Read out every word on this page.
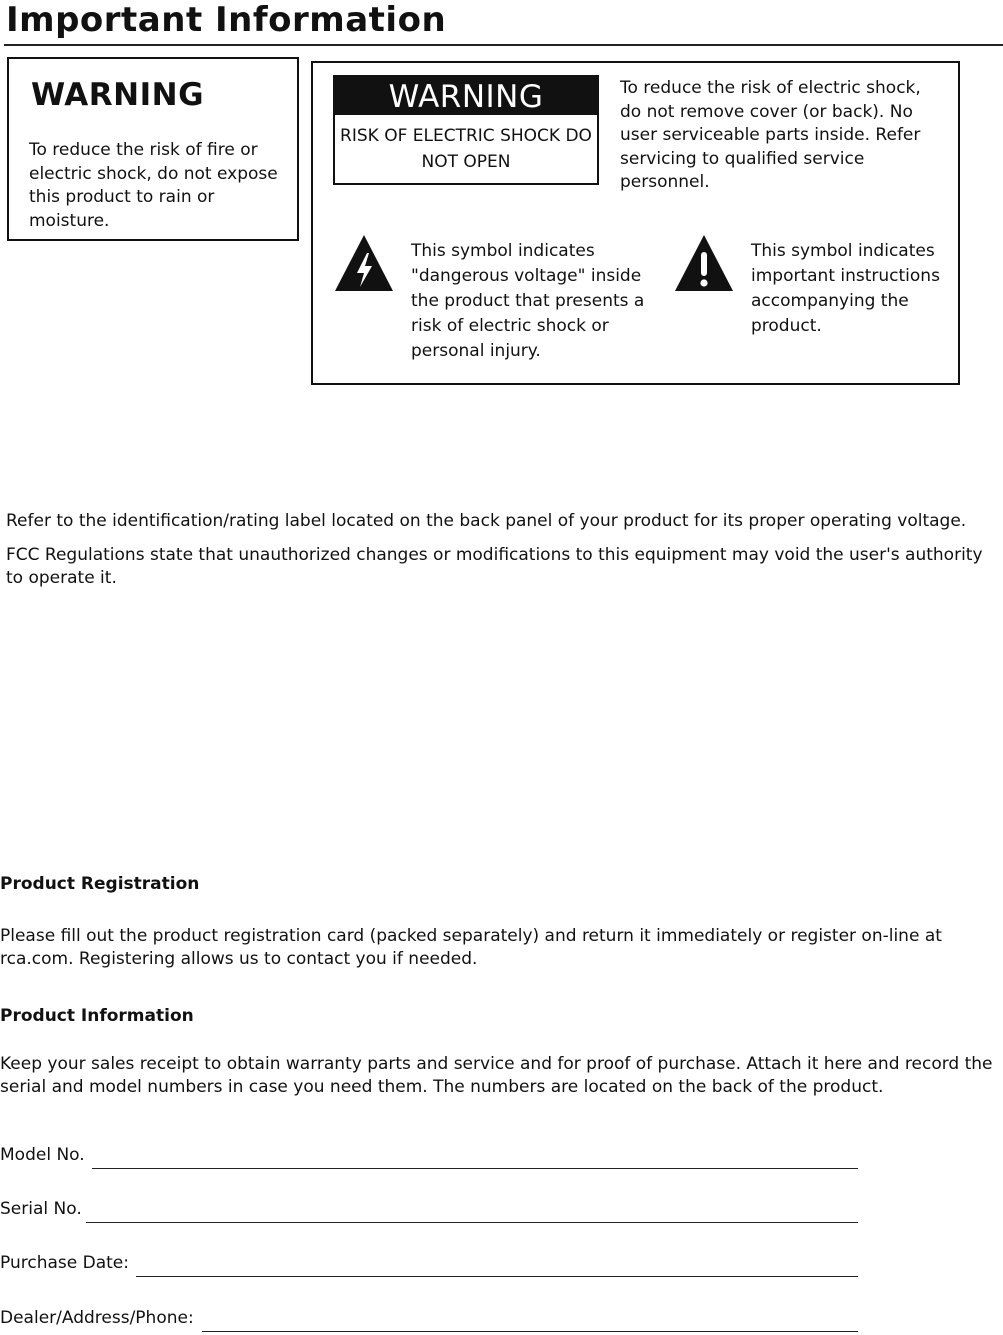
Important Information
WARNING
To reduce the risk of fire or electric shock, do not expose this product to rain or moisture.
WARNING
RISK OF ELECTRIC SHOCK DO NOT OPEN
To reduce the risk of electric shock, do not remove cover (or back). No user serviceable parts inside. Refer servicing to qualified service personnel.
This symbol indicates "dangerous voltage" inside the product that presents a risk of electric shock or personal injury.
This symbol indicates important instructions accompanying the product.
Refer to the identification/rating label located on the back panel of your product for its proper operating voltage.
FCC Regulations state that unauthorized changes or modifications to this equipment may void the user's authority to operate it.
Product Registration
Please fill out the product registration card (packed separately) and return it immediately or register on-line at rca.com. Registering allows us to contact you if needed.
Product Information
Keep your sales receipt to obtain warranty parts and service and for proof of purchase. Attach it here and record the serial and model numbers in case you need them. The numbers are located on the back of the product.
Model No.
Serial No.
Purchase Date:
Dealer/Address/Phone:
